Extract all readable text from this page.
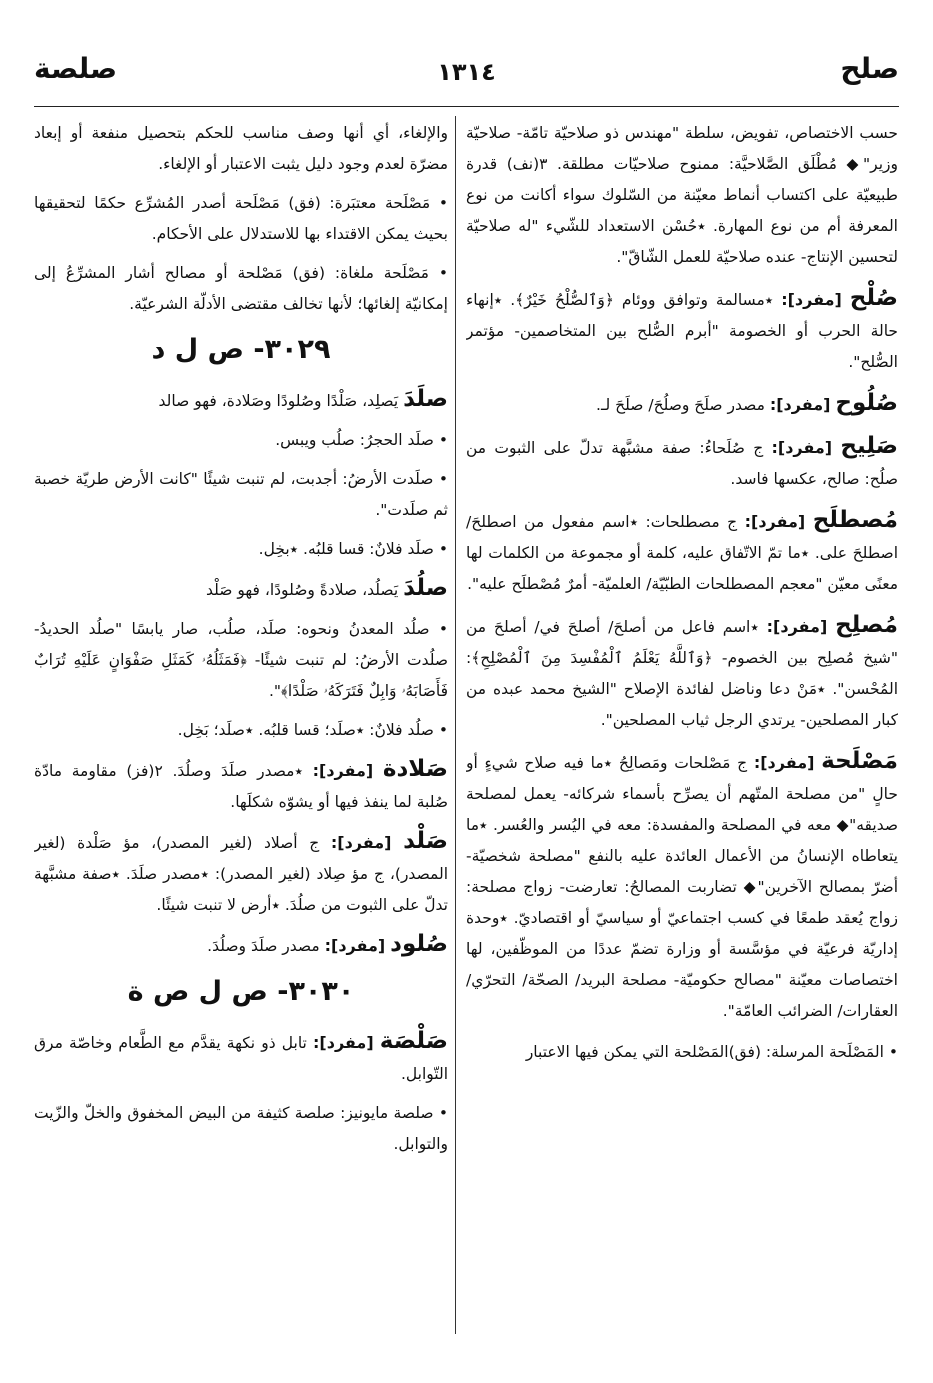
صلح
١٣١٤
صلصة
حسب الاختصاص، تفويض، سلطة "مهندس ذو صلاحيّة تامّة- صلاحيّة وزير"◆ مُطْلَق الصَّلاحيَّة: ممنوح صلاحيّات مطلقة. ٣(نف) قدرة طبيعيّة على اكتساب أنماط معيّنة من السّلوك سواء أكانت من نوع المعرفة أم من نوع المهارة. ٭حُسْن الاستعداد للشّيء "له صلاحيّة لتحسين الإنتاج- عنده صلاحيّة للعمل الشّاقّ".
صُلْح [مفرد]: ٭مسالمة وتوافق ووئام ﴿وَٱلصُّلْحُ خَيْرٌ﴾. ٭إنهاء حالة الحرب أو الخصومة "أبرم الصُّلح بين المتخاصمين- مؤتمر الصُّلح".
صُلُوح [مفرد]: مصدر صلَحَ وصلُحَ/ صلَحَ لـ.
صَلِيح [مفرد]: ج صُلَحاءُ: صفة مشبَّهة تدلّ على الثبوت من صلُح: صالح، عكسها فاسد.
مُصطلَح [مفرد]: ج مصطلحات: ٭اسم مفعول من اصطلحَ/ اصطلحَ على. ٭ما تمّ الاتّفاق عليه، كلمة أو مجموعة من الكلمات لها معنًى معيّن "معجم المصطلحات الطبّيّة/ العلميّة- أمرٌ مُصْطلَح عليه".
مُصلِح [مفرد]: ٭اسم فاعل من أصلحَ/ أصلحَ في/ أصلحَ من "شيخ مُصلِح بين الخصوم- ﴿وَٱللَّهُ يَعْلَمُ ٱلْمُفْسِدَ مِنَ ٱلْمُصْلِحِ﴾: المُحْسن". ٭مَنْ دعا وناضل لفائدة الإصلاح "الشيخ محمد عبده من كبار المصلحين- يرتدي الرجل ثياب المصلحين".
مَصْلَحة [مفرد]: ج مَصْلحات ومَصالِحُ ٭ما فيه صلاح شيءٍ أو حالٍ "من مصلحة المتّهم أن يصرِّح بأسماء شركائه- يعمل لمصلحة صديقه"◆ معه في المصلحة والمفسدة: معه في اليُسر والعُسر. ٭ما يتعاطاه الإنسانُ من الأعمال العائدة عليه بالنفع "مصلحة شخصيّة- أضرّ بمصالح الآخرين"◆ تضاربت المصالحُ: تعارضت- زواج مصلحة: زواج يُعقد طمعًا في كسب اجتماعيّ أو سياسيّ أو اقتصاديّ. ٭وحدة إداريّة فرعيّة في مؤسَّسة أو وزارة تضمّ عددًا من الموظّفين، لها اختصاصات معيّنة "مصالح حكوميّة- مصلحة البريد/ الصحّة/ التحرّي/ العقارات/ الضرائب العامّة".
• المَصْلَحة المرسلة: (فق)المَصْلحة التي يمكن فيها الاعتبار
والإلغاء، أي أنها وصف مناسب للحكم بتحصيل منفعة أو إبعاد مضرّة لعدم وجود دليل يثبت الاعتبار أو الإلغاء.
• مَصْلَحة معتبَرة: (فق) مَصْلَحة أصدر المُشرِّع حكمًا لتحقيقها بحيث يمكن الاقتداء بها للاستدلال على الأحكام.
• مَصْلَحة ملغاة: (فق) مَصْلحة أو مصالح أشار المشرِّعُ إلى إمكانيّة إلغائها؛ لأنها تخالف مقتضى الأدلّة الشرعيّة.
٣٠٢٩- ص ل د
صلَدَ يَصلِد، صَلْدًا وصُلودًا وصَلادة، فهو صالد
• صلَد الحجرُ: صلُب ويبس.
• صلَدت الأرضُ: أجدبت، لم تنبت شيئًا "كانت الأرض طريّة خصبة ثم صلَدت".
• صلَد فلانٌ: قسا قلبُه. ٭بخِل.
صلُدَ يَصلُد، صلادةً وصُلودًا، فهو صَلْد
• صلُد المعدنُ ونحوه: صلَد، صلُب، صار يابسًا "صلُد الحديدُ- صلُدت الأرضُ: لم تنبت شيئًا- ﴿فَمَثَلُهُۥ كَمَثَلِ صَفْوَانٍ عَلَيْهِ تُرَابٌ فَأَصَابَهُۥ وَابِلٌ فَتَرَكَهُۥ صَلْدًا﴾".
• صلُد فلانٌ: ٭صلَد؛ قسا قلبُه. ٭صلَد؛ بَخِل.
صَلادة [مفرد]: ٭مصدر صلَدَ وصلُدَ. ٢(فز) مقاومة مادّة صُلبة لما ينفذ فيها أو يشوّه شكلَها.
صَلْد [مفرد]: ج أصلاد (لغير المصدر)، مؤ صَلْدة (لغير المصدر)، ج مؤ صِلاد (لغير المصدر): ٭مصدر صلَدَ. ٭صفة مشبَّهة تدلّ على الثبوت من صلُدَ. ٭أرض لا تنبت شيئًا.
صُلود [مفرد]: مصدر صلَدَ وصلُدَ.
٣٠٣٠- ص ل ص ة
صَلْصَة [مفرد]: تابل ذو نكهة يقدَّم مع الطَّعام وخاصّة مرق التّوابل.
• صلصة مايونيز: صلصة كثيفة من البيض المخفوق والخلّ والزّيت والتوابل.
